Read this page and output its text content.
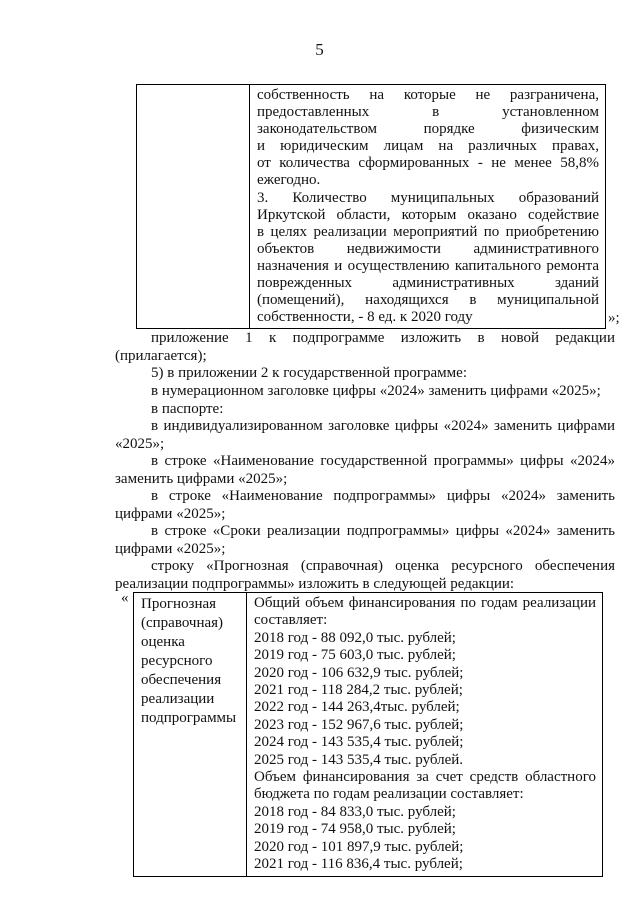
5
собственность на которые не разграничена,
предоставленных в установленном
законодательством порядке физическим
и юридическим лицам на различных правах,
от количества сформированных - не менее 58,8%
ежегодно.
3. Количество муниципальных образований
Иркутской области, которым оказано содействие
в целях реализации мероприятий по приобретению
объектов недвижимости административного
назначения и осуществлению капитального ремонта
поврежденных административных зданий
(помещений), находящихся в муниципальной
собственности, - 8 ед. к 2020 году	»;
приложение 1 к подпрограмме изложить в новой редакции
(прилагается);
5) в приложении 2 к государственной программе:
в нумерационном заголовке цифры «2024» заменить цифрами «2025»;
в паспорте:
в индивидуализированном заголовке цифры «2024» заменить цифрами
«2025»;
в строке «Наименование государственной программы» цифры «2024»
заменить цифрами «2025»;
в строке «Наименование подпрограммы» цифры «2024» заменить
цифрами «2025»;
в строке «Сроки реализации подпрограммы» цифры «2024» заменить
цифрами «2025»;
строку «Прогнозная (справочная) оценка ресурсного обеспечения
реализации подпрограммы» изложить в следующей редакции:
« Прогнозная
(справочная)
оценка
ресурсного
обеспечения
реализации
подпрограммы
Общий объем финансирования по годам реализации
составляет:
2018 год - 88 092,0 тыс. рублей;
2019 год - 75 603,0 тыс. рублей;
2020 год - 106 632,9 тыс. рублей;
2021 год - 118 284,2 тыс. рублей;
2022 год - 144 263,4тыс. рублей;
2023 год - 152 967,6 тыс. рублей;
2024 год - 143 535,4 тыс. рублей;
2025 год - 143 535,4 тыс. рублей.
Объем финансирования за счет средств областного
бюджета по годам реализации составляет:
2018 год - 84 833,0 тыс. рублей;
2019 год - 74 958,0 тыс. рублей;
2020 год - 101 897,9 тыс. рублей;
2021 год - 116 836,4 тыс. рублей;
